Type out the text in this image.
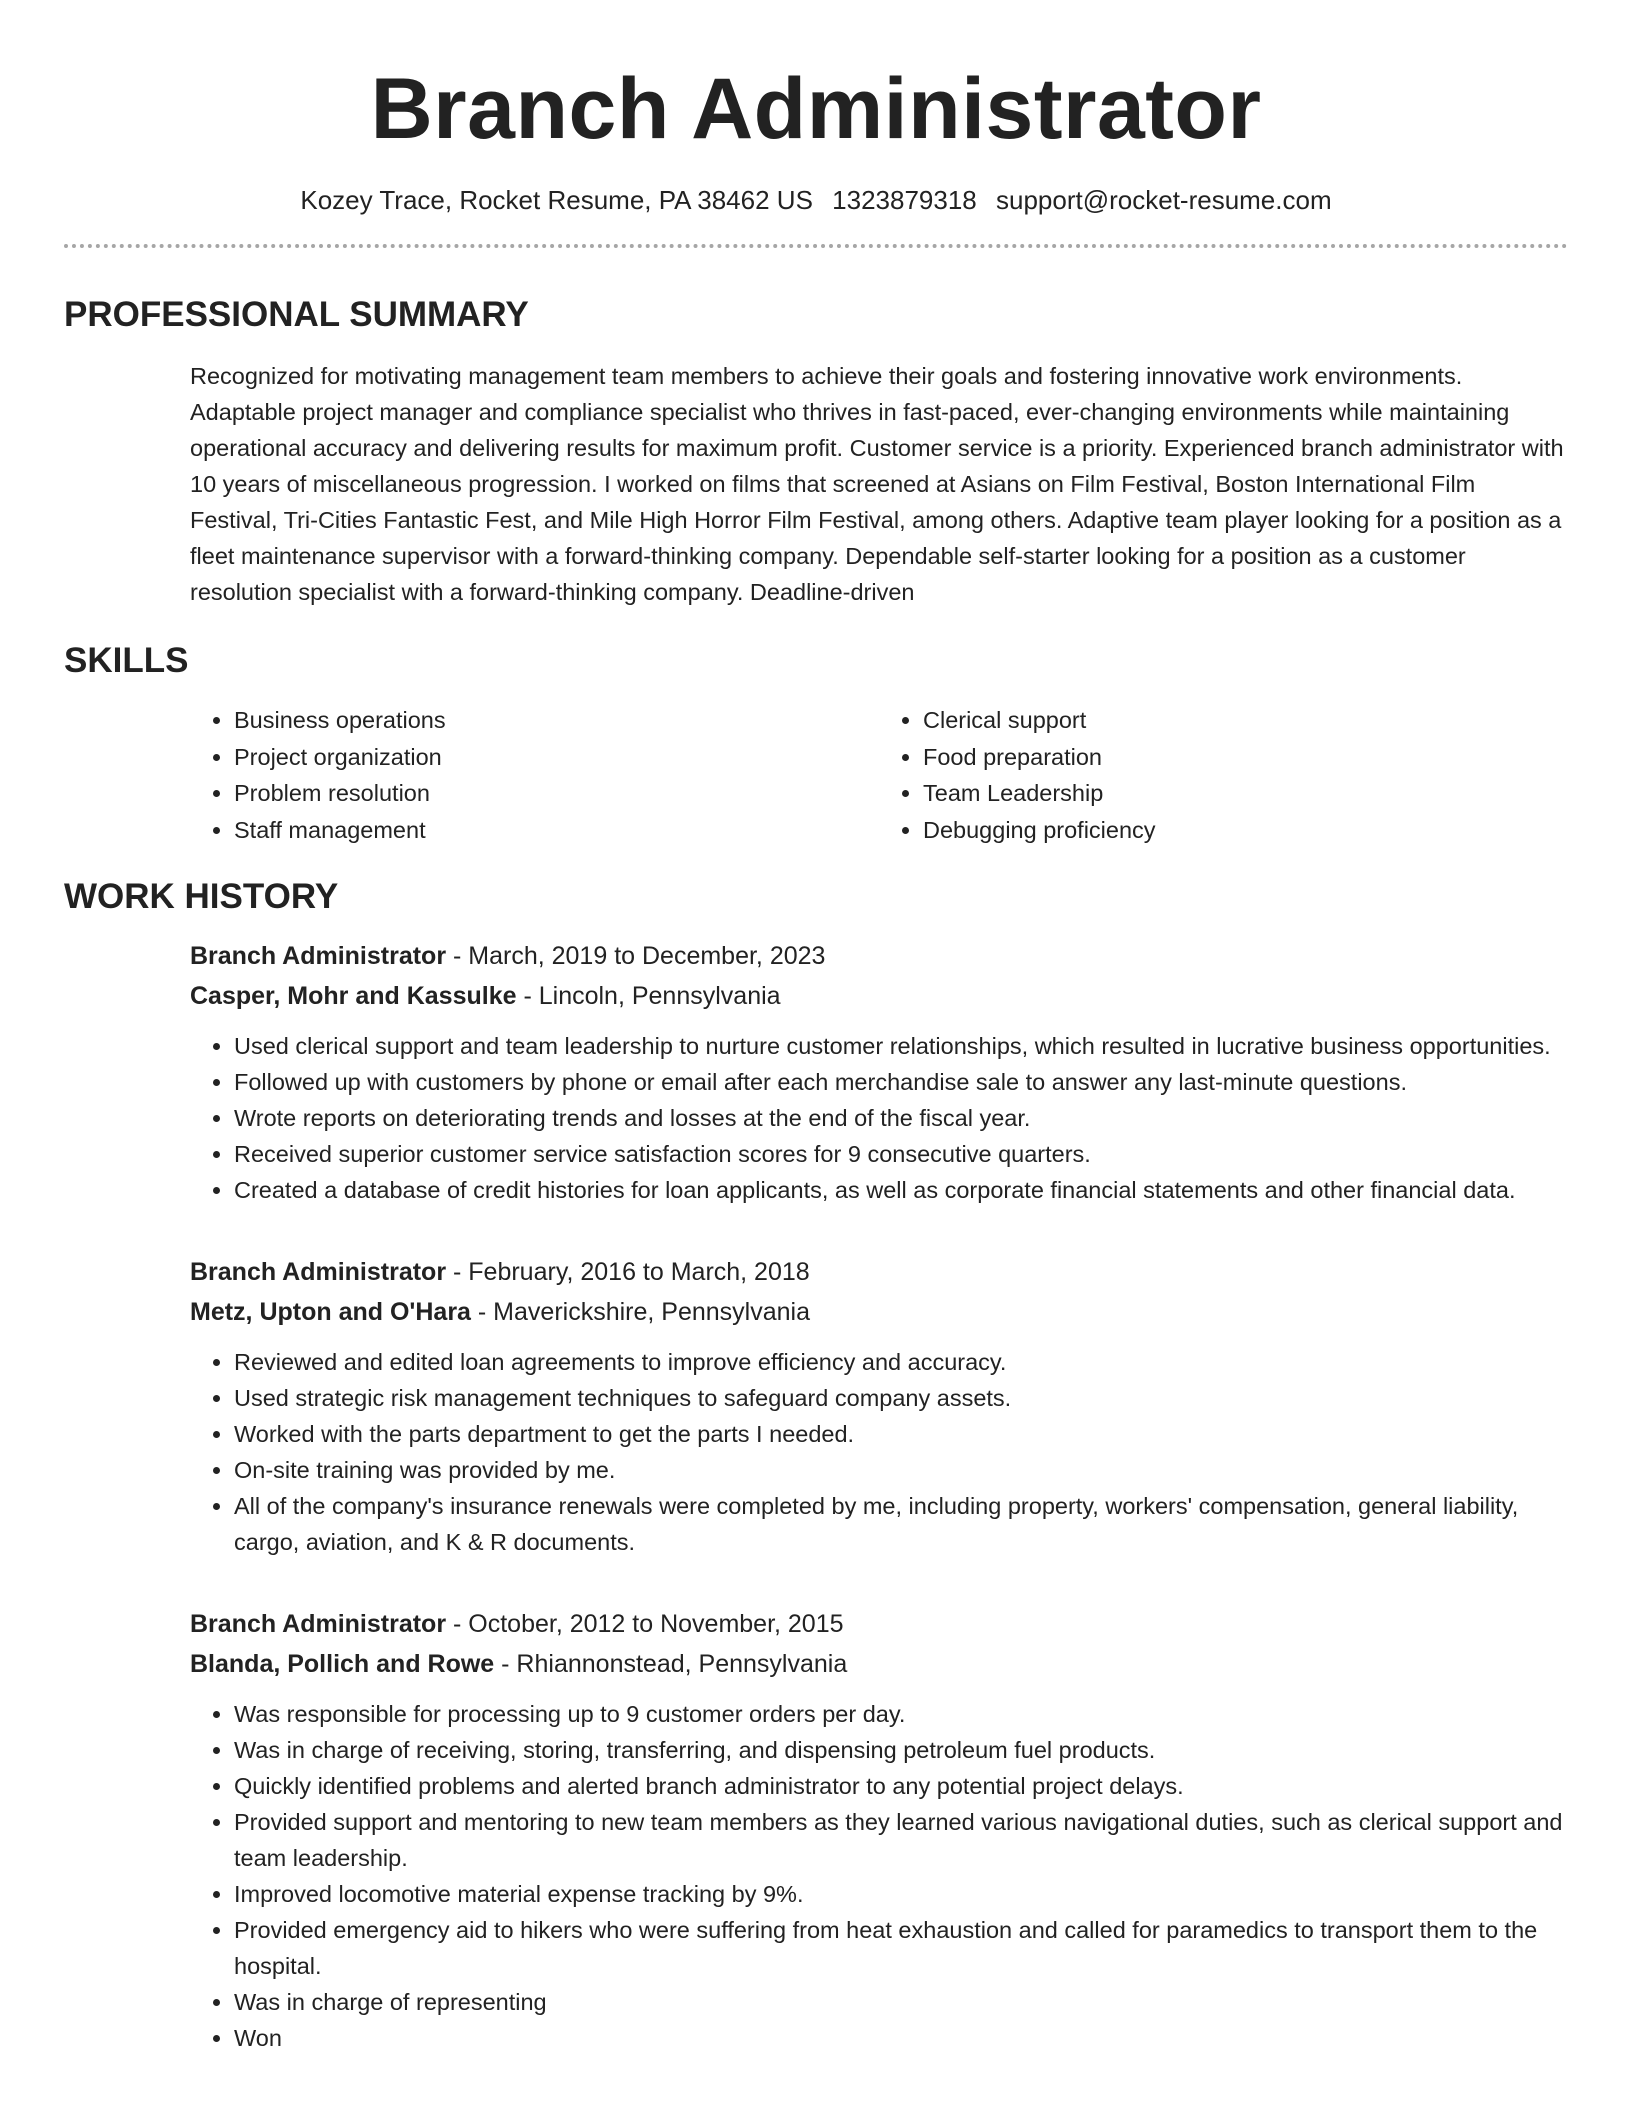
Branch Administrator
Kozey Trace, Rocket Resume, PA 38462 US 1323879318 support@rocket-resume.com
PROFESSIONAL SUMMARY
Recognized for motivating management team members to achieve their goals and fostering innovative work environments. Adaptable project manager and compliance specialist who thrives in fast-paced, ever-changing environments while maintaining operational accuracy and delivering results for maximum profit. Customer service is a priority. Experienced branch administrator with 10 years of miscellaneous progression. I worked on films that screened at Asians on Film Festival, Boston International Film Festival, Tri-Cities Fantastic Fest, and Mile High Horror Film Festival, among others. Adaptive team player looking for a position as a fleet maintenance supervisor with a forward-thinking company. Dependable self-starter looking for a position as a customer resolution specialist with a forward-thinking company. Deadline-driven
SKILLS
• Business operations
• Project organization
• Problem resolution
• Staff management
• Clerical support
• Food preparation
• Team Leadership
• Debugging proficiency
WORK HISTORY
Branch Administrator - March, 2019 to December, 2023
Casper, Mohr and Kassulke - Lincoln, Pennsylvania
• Used clerical support and team leadership to nurture customer relationships, which resulted in lucrative business opportunities.
• Followed up with customers by phone or email after each merchandise sale to answer any last-minute questions.
• Wrote reports on deteriorating trends and losses at the end of the fiscal year.
• Received superior customer service satisfaction scores for 9 consecutive quarters.
• Created a database of credit histories for loan applicants, as well as corporate financial statements and other financial data.
Branch Administrator - February, 2016 to March, 2018
Metz, Upton and O'Hara - Maverickshire, Pennsylvania
• Reviewed and edited loan agreements to improve efficiency and accuracy.
• Used strategic risk management techniques to safeguard company assets.
• Worked with the parts department to get the parts I needed.
• On-site training was provided by me.
• All of the company's insurance renewals were completed by me, including property, workers' compensation, general liability, cargo, aviation, and K & R documents.
Branch Administrator - October, 2012 to November, 2015
Blanda, Pollich and Rowe - Rhiannonstead, Pennsylvania
• Was responsible for processing up to 9 customer orders per day.
• Was in charge of receiving, storing, transferring, and dispensing petroleum fuel products.
• Quickly identified problems and alerted branch administrator to any potential project delays.
• Provided support and mentoring to new team members as they learned various navigational duties, such as clerical support and team leadership.
• Improved locomotive material expense tracking by 9%.
• Provided emergency aid to hikers who were suffering from heat exhaustion and called for paramedics to transport them to the hospital.
• Was in charge of representing
• Won
